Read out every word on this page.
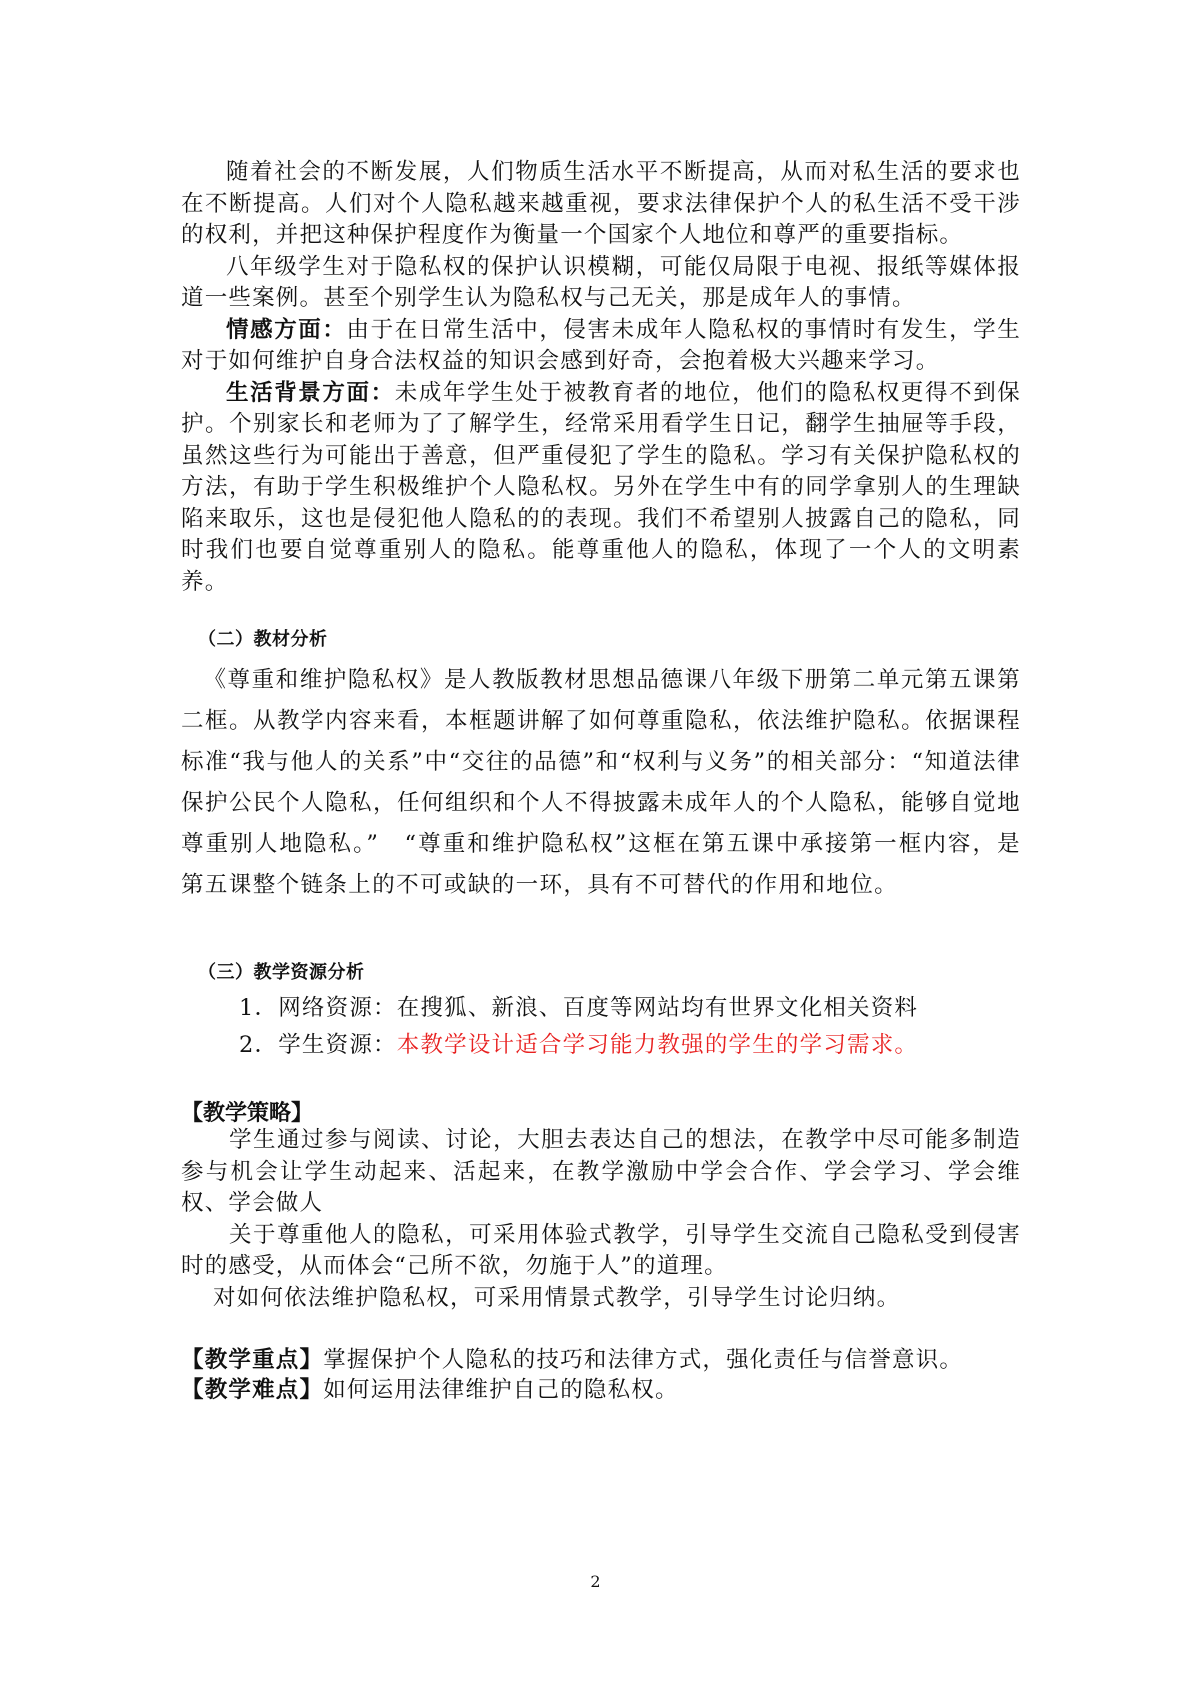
随着社会的不断发展，人们物质生活水平不断提高，从而对私生活的要求也在不断提高。人们对个人隐私越来越重视，要求法律保护个人的私生活不受干涉的权利，并把这种保护程度作为衡量一个国家个人地位和尊严的重要指标。

八年级学生对于隐私权的保护认识模糊，可能仅局限于电视、报纸等媒体报道一些案例。甚至个别学生认为隐私权与己无关，那是成年人的事情。

情感方面：由于在日常生活中，侵害未成年人隐私权的事情时有发生，学生对于如何维护自身合法权益的知识会感到好奇，会抱着极大兴趣来学习。

生活背景方面：未成年学生处于被教育者的地位，他们的隐私权更得不到保护。个别家长和老师为了了解学生，经常采用看学生日记，翻学生抽屉等手段，虽然这些行为可能出于善意，但严重侵犯了学生的隐私。学习有关保护隐私权的方法，有助于学生积极维护个人隐私权。另外在学生中有的同学拿别人的生理缺陷来取乐，这也是侵犯他人隐私的的表现。我们不希望别人披露自己的隐私，同时我们也要自觉尊重别人的隐私。能尊重他人的隐私，体现了一个人的文明素养。

（二）教材分析

《尊重和维护隐私权》是人教版教材思想品德课八年级下册第二单元第五课第二框。从教学内容来看，本框题讲解了如何尊重隐私，依法维护隐私。依据课程标准“我与他人的关系”中“交往的品德”和“权利与义务”的相关部分：“知道法律保护公民个人隐私，任何组织和个人不得披露未成年人的个人隐私，能够自觉地尊重别人地隐私。”　“尊重和维护隐私权”这框在第五课中承接第一框内容，是第五课整个链条上的不可或缺的一环，具有不可替代的作用和地位。

（三）教学资源分析
1．网络资源：在搜狐、新浪、百度等网站均有世界文化相关资料
2．学生资源：本教学设计适合学习能力教强的学生的学习需求。
【教学策略】

学生通过参与阅读、讨论，大胆去表达自己的想法，在教学中尽可能多制造参与机会让学生动起来、活起来，在教学激励中学会合作、学会学习、学会维权、学会做人

关于尊重他人的隐私，可采用体验式教学，引导学生交流自己隐私受到侵害时的感受，从而体会“己所不欲，勿施于人”的道理。

对如何依法维护隐私权，可采用情景式教学，引导学生讨论归纳。

【教学重点】掌握保护个人隐私的技巧和法律方式，强化责任与信誉意识。
【教学难点】如何运用法律维护自己的隐私权。
2
